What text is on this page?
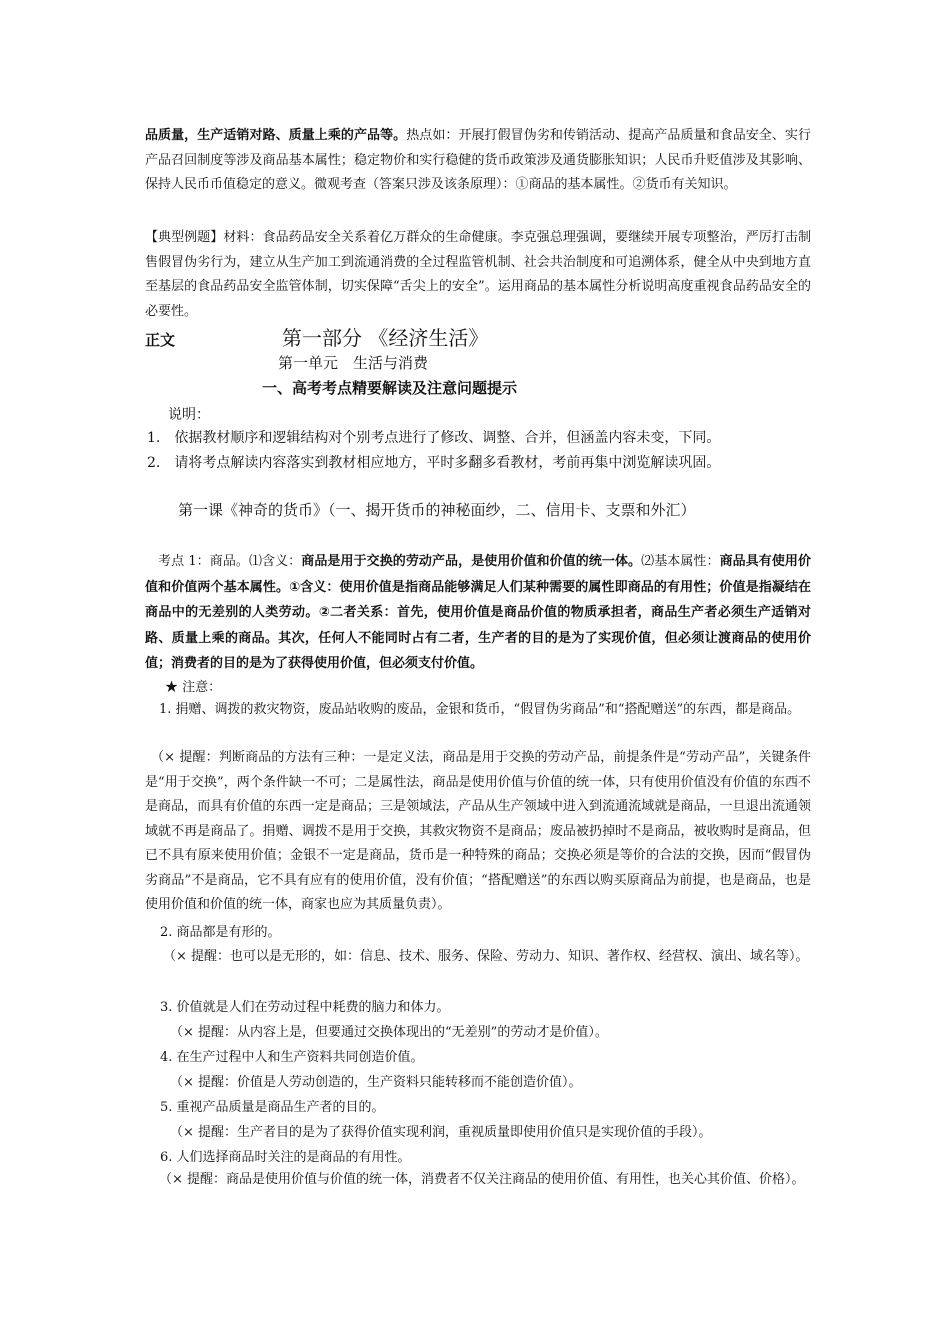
品质量，生产适销对路、质量上乘的产品等。热点如：开展打假冒伪劣和传销活动、提高产品质量和食品安全、实行产品召回制度等涉及商品基本属性；稳定物价和实行稳健的货币政策涉及通货膨胀知识；人民币升贬值涉及其影响、保持人民币币值稳定的意义。微观考查（答案只涉及该条原理）：①商品的基本属性。②货币有关知识。
【典型例题】材料：食品药品安全关系着亿万群众的生命健康。李克强总理强调，要继续开展专项整治，严厉打击制售假冒伪劣行为，建立从生产加工到流通消费的全过程监管机制、社会共治制度和可追溯体系，健全从中央到地方直至基层的食品药品安全监管体制，切实保障“舌尖上的安全”。运用商品的基本属性分析说明高度重视食品药品安全的必要性。
正文	第一部分 《经济生活》
第一单元　生活与消费
一、高考考点精要解读及注意问题提示
说明：
1.　依据教材顺序和逻辑结构对个别考点进行了修改、调整、合并，但涵盖内容未变，下同。
2.　请将考点解读内容落实到教材相应地方，平时多翻多看教材，考前再集中浏览解读巩固。
第一课《神奇的货币》（一、揭开货币的神秘面纱，二、信用卡、支票和外汇）
考点 1：商品。⑴含义：商品是用于交换的劳动产品，是使用价值和价值的统一体。⑵基本属性：商品具有使用价值和价值两个基本属性。①含义：使用价值是指商品能够满足人们某种需要的属性即商品的有用性；价值是指凝结在商品中的无差别的人类劳动。②二者关系：首先，使用价值是商品价值的物质承担者，商品生产者必须生产适销对路、质量上乘的商品。其次，任何人不能同时占有二者，生产者的目的是为了实现价值，但必须让渡商品的使用价值；消费者的目的是为了获得使用价值，但必须支付价值。
★ 注意：
1. 捐赠、调拨的救灾物资，废品站收购的废品，金银和货币，“假冒伪劣商品”和“搭配赠送”的东西，都是商品。
（× 提醒：判断商品的方法有三种：一是定义法，商品是用于交换的劳动产品，前提条件是“劳动产品”，关键条件是“用于交换”，两个条件缺一不可；二是属性法，商品是使用价值与价值的统一体，只有使用价值没有价值的东西不是商品，而具有价值的东西一定是商品；三是领域法，产品从生产领域中进入到流通流域就是商品，一旦退出流通领域就不再是商品了。捐赠、调拨不是用于交换，其救灾物资不是商品；废品被扔掉时不是商品，被收购时是商品，但已不具有原来使用价值；金银不一定是商品，货币是一种特殊的商品；交换必须是等价的合法的交换，因而“假冒伪劣商品”不是商品，它不具有应有的使用价值，没有价值；“搭配赠送”的东西以购买原商品为前提，也是商品，也是使用价值和价值的统一体，商家也应为其质量负责）。
2. 商品都是有形的。
（× 提醒：也可以是无形的，如：信息、技术、服务、保险、劳动力、知识、著作权、经营权、演出、域名等）。
3. 价值就是人们在劳动过程中耗费的脑力和体力。
（× 提醒：从内容上是，但要通过交换体现出的“无差别”的劳动才是价值）。
4. 在生产过程中人和生产资料共同创造价值。
（× 提醒：价值是人劳动创造的，生产资料只能转移而不能创造价值）。
5. 重视产品质量是商品生产者的目的。
（× 提醒：生产者目的是为了获得价值实现利润，重视质量即使用价值只是实现价值的手段）。
6. 人们选择商品时关注的是商品的有用性。
（× 提醒：商品是使用价值与价值的统一体，消费者不仅关注商品的使用价值、有用性，也关心其价值、价格）。
